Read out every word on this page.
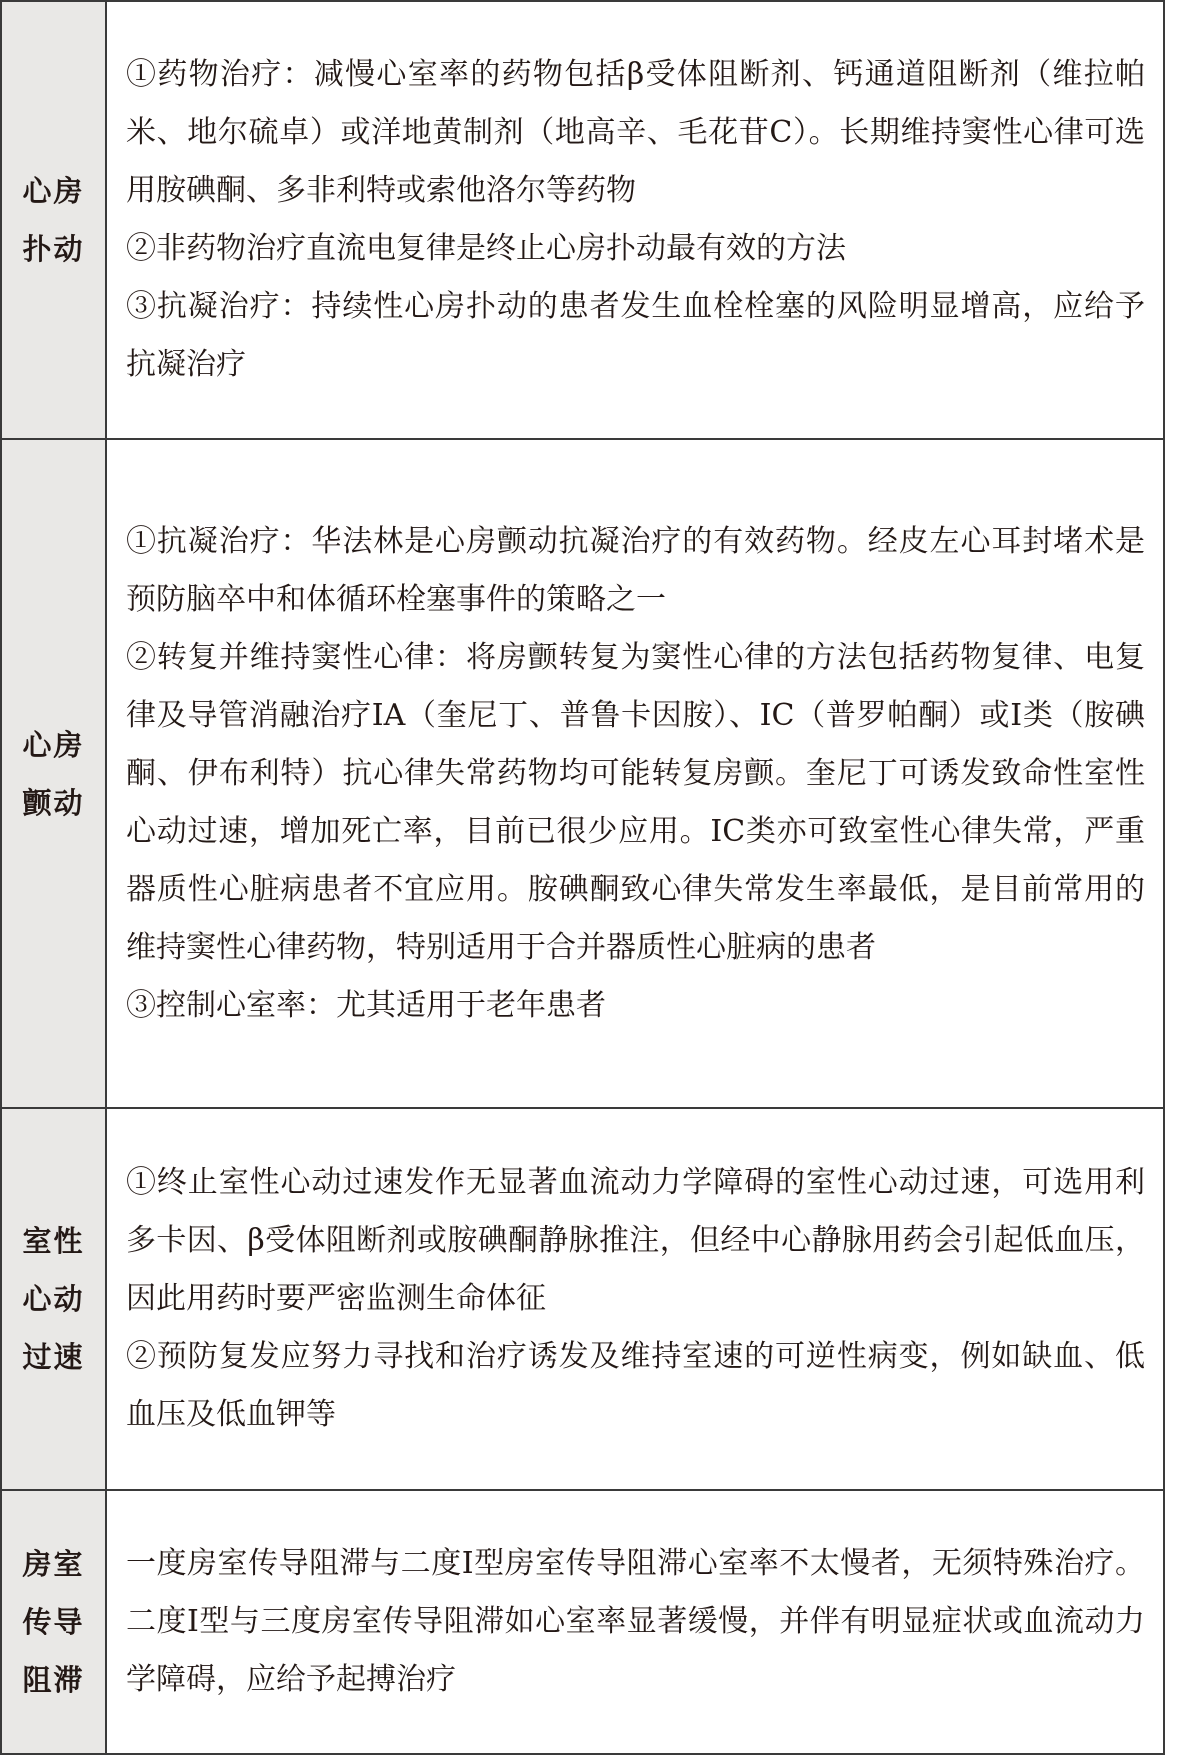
心房
扑动	①药物治疗：减慢心室率的药物包括β受体阻断剂、钙通道阻断剂（维拉帕米、地尔硫卓）或洋地黄制剂（地高辛、毛花苷C）。长期维持窦性心律可选用胺碘酮、多非利特或索他洛尔等药物
②非药物治疗直流电复律是终止心房扑动最有效的方法
③抗凝治疗：持续性心房扑动的患者发生血栓栓塞的风险明显增高，应给予抗凝治疗

心房
颤动	①抗凝治疗：华法林是心房颤动抗凝治疗的有效药物。经皮左心耳封堵术是预防脑卒中和体循环栓塞事件的策略之一
②转复并维持窦性心律：将房颤转复为窦性心律的方法包括药物复律、电复律及导管消融治疗IA（奎尼丁、普鲁卡因胺）、IC（普罗帕酮）或Ⅰ类（胺碘酮、伊布利特）抗心律失常药物均可能转复房颤。奎尼丁可诱发致命性室性心动过速，增加死亡率，目前已很少应用。IC类亦可致室性心律失常，严重器质性心脏病患者不宜应用。胺碘酮致心律失常发生率最低，是目前常用的维持窦性心律药物，特别适用于合并器质性心脏病的患者
③控制心室率：尤其适用于老年患者

室性
心动
过速	①终止室性心动过速发作无显著血流动力学障碍的室性心动过速，可选用利多卡因、β受体阻断剂或胺碘酮静脉推注，但经中心静脉用药会引起低血压，因此用药时要严密监测生命体征
②预防复发应努力寻找和治疗诱发及维持室速的可逆性病变，例如缺血、低血压及低血钾等

房室
传导
阻滞	一度房室传导阻滞与二度Ⅰ型房室传导阻滞心室率不太慢者，无须特殊治疗。二度Ⅰ型与三度房室传导阻滞如心室率显著缓慢，并伴有明显症状或血流动力学障碍，应给予起搏治疗
